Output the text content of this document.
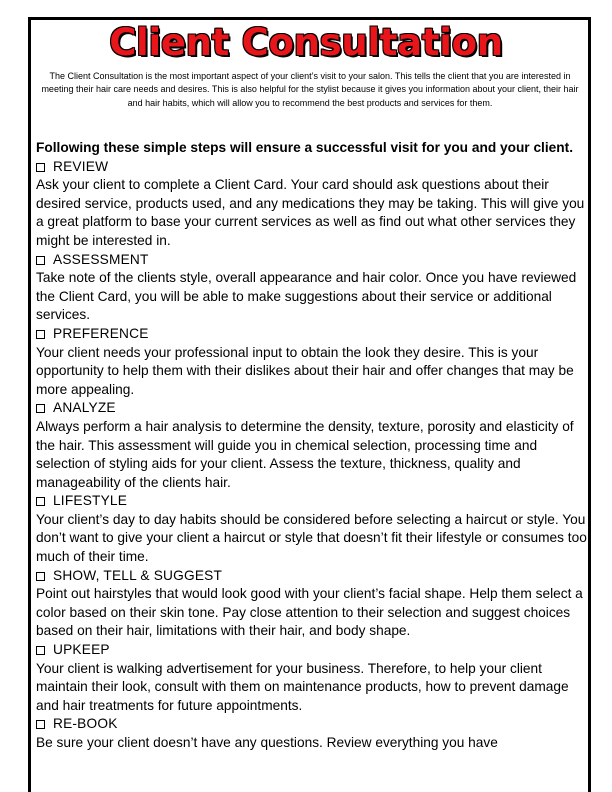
Client Consultation
The Client Consultation is the most important aspect of your client’s visit to your salon. This tells the client that you are interested in meeting their hair care needs and desires. This is also helpful for the stylist because it gives you information about your client, their hair and hair habits, which will allow you to recommend the best products and services for them.

Following these simple steps will ensure a successful visit for you and your client.

REVIEW

Ask your client to complete a Client Card. Your card should ask questions about their desired service, products used, and any medications they may be taking. This will give you a great platform to base your current services as well as find out what other services they might be interested in.

ASSESSMENT

Take note of the clients style, overall appearance and hair color. Once you have reviewed the Client Card, you will be able to make suggestions about their service or additional services.

PREFERENCE

Your client needs your professional input to obtain the look they desire. This is your opportunity to help them with their dislikes about their hair and offer changes that may be more appealing.

ANALYZE

Always perform a hair analysis to determine the density, texture, porosity and elasticity of the hair. This assessment will guide you in chemical selection, processing time and selection of styling aids for your client. Assess the texture, thickness, quality and manageability of the clients hair.

LIFESTYLE

Your client’s day to day habits should be considered before selecting a haircut or style. You don’t want to give your client a haircut or style that doesn’t fit their lifestyle or consumes too much of their time.

SHOW, TELL & SUGGEST

Point out hairstyles that would look good with your client’s facial shape. Help them select a color based on their skin tone. Pay close attention to their selection and suggest choices based on their hair, limitations with their hair, and body shape.

UPKEEP

Your client is walking advertisement for your business. Therefore, to help your client maintain their look, consult with them on maintenance products, how to prevent damage and hair treatments for future appointments.

RE-BOOK

Be sure your client doesn’t have any questions. Review everything you have
